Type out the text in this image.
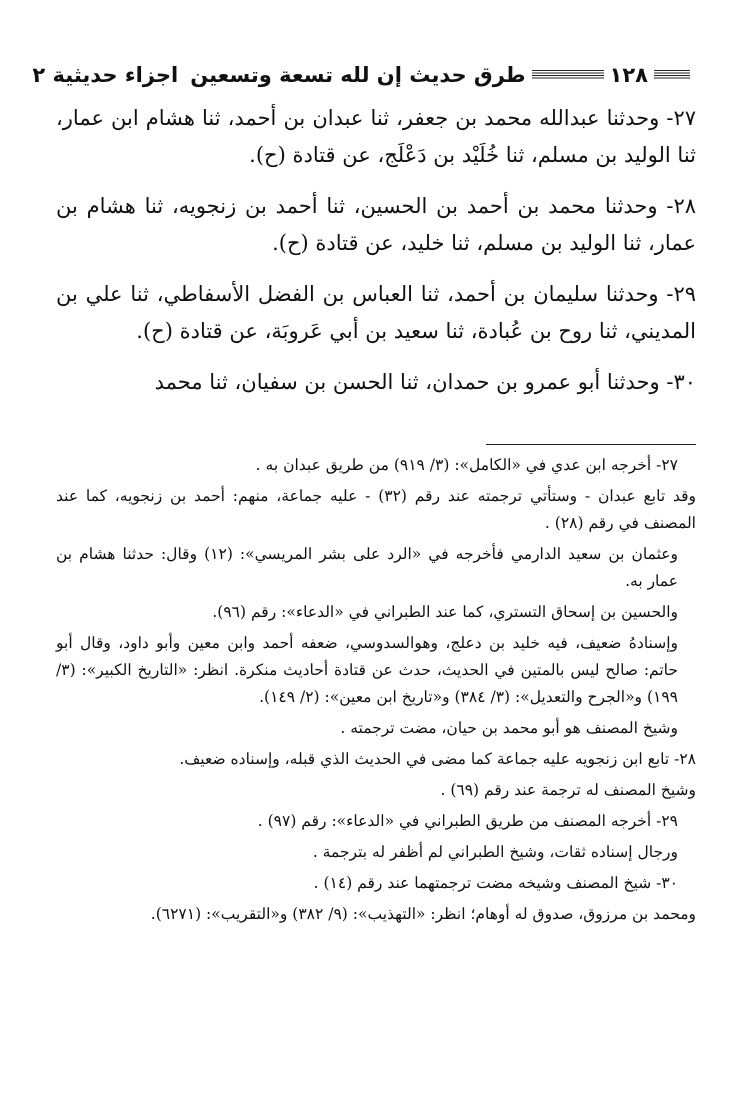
١٢٨
طرق حديث إن لله تسعة وتسعين
اجزاء حديثية ٢

٢٧- وحدثنا عبدالله محمد بن جعفر، ثنا عبدان بن أحمد، ثنا هشام ابن عمار، ثنا الوليد بن مسلم، ثنا خُلَيْد بن دَعْلَج، عن قتادة (ح).

٢٨- وحدثنا محمد بن أحمد بن الحسين، ثنا أحمد بن زنجويه، ثنا هشام بن عمار، ثنا الوليد بن مسلم، ثنا خليد، عن قتادة (ح).

٢٩- وحدثنا سليمان بن أحمد، ثنا العباس بن الفضل الأسفاطي، ثنا علي بن المديني، ثنا روح بن عُبادة، ثنا سعيد بن أبي عَروبَة، عن قتادة (ح).

٣٠- وحدثنا أبو عمرو بن حمدان، ثنا الحسن بن سفيان، ثنا محمد

٢٧- أخرجه ابن عدي في «الكامل»: (٣/ ٩١٩) من طريق عبدان به .

وقد تابع عبدان - وستأتي ترجمته عند رقم (٣٢) - عليه جماعة، منهم: أحمد بن زنجويه، كما عند المصنف في رقم (٢٨) .

وعثمان بن سعيد الدارمي فأخرجه في «الرد على بشر المريسي»: (١٢) وقال: حدثنا هشام بن عمار به.

والحسين بن إسحاق التستري، كما عند الطبراني في «الدعاء»: رقم (٩٦).

وإسنادهُ ضعيف، فيه خليد بن دعلج، وهوالسدوسي، ضعفه أحمد وابن معين وأبو داود، وقال أبو حاتم: صالح ليس بالمتين في الحديث، حدث عن قتادة أحاديث منكرة. انظر: «التاريخ الكبير»: (٣/ ١٩٩) و«الجرح والتعديل»: (٣/ ٣٨٤) و«تاريخ ابن معين»: (٢/ ١٤٩).

وشيخ المصنف هو أبو محمد بن حيان، مضت ترجمته .

٢٨- تابع ابن زنجويه عليه جماعة كما مضى في الحديث الذي قبله، وإسناده ضعيف.

وشيخ المصنف له ترجمة عند رقم (٦٩) .

٢٩- أخرجه المصنف من طريق الطبراني في «الدعاء»: رقم (٩٧) .

ورجال إسناده ثقات، وشيخ الطبراني لم أظفر له بترجمة .

٣٠- شيخ المصنف وشيخه مضت ترجمتهما عند رقم (١٤) .

ومحمد بن مرزوق، صدوق له أوهام؛ انظر: «التهذيب»: (٩/ ٣٨٢) و«التقريب»: (٦٢٧١).
